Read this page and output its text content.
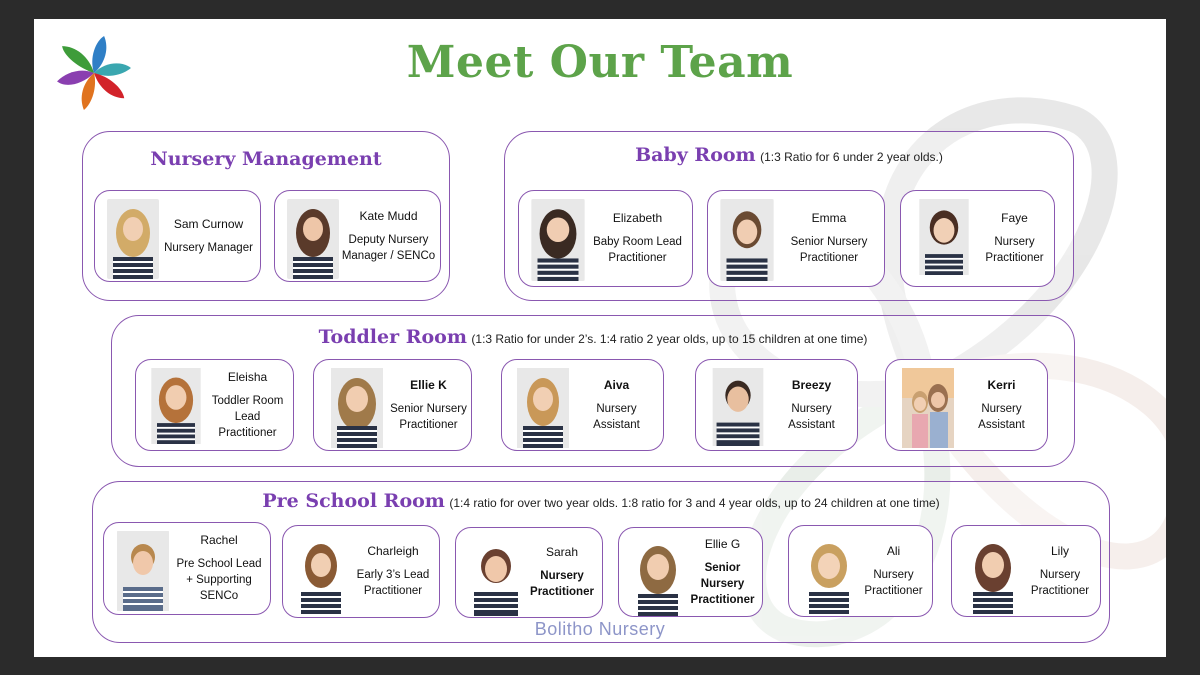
Meet Our Team
Nursery Management
Sam Curnow
Nursery Manager
Kate Mudd
Deputy Nursery Manager / SENCo
Baby Room (1:3 Ratio for 6 under 2 year olds.)
Elizabeth
Baby Room Lead Practitioner
Emma
Senior Nursery Practitioner
Faye
Nursery Practitioner
Toddler Room (1:3 Ratio for under 2’s. 1:4 ratio 2 year olds, up to 15 children at one time)
Eleisha
Toddler Room Lead Practitioner
Ellie K
Senior Nursery Practitioner
Aiva
Nursery Assistant
Breezy
Nursery Assistant
Kerri
Nursery Assistant
Pre School Room (1:4 ratio for over two year olds. 1:8 ratio for 3 and 4 year olds, up to 24 children at one time)
Rachel
Pre School Lead + Supporting SENCo
Charleigh
Early 3’s Lead Practitioner
Sarah
Nursery Practitioner
Ellie G
Senior Nursery Practitioner
Ali
Nursery Practitioner
Lily
Nursery Practitioner
Bolitho Nursery
